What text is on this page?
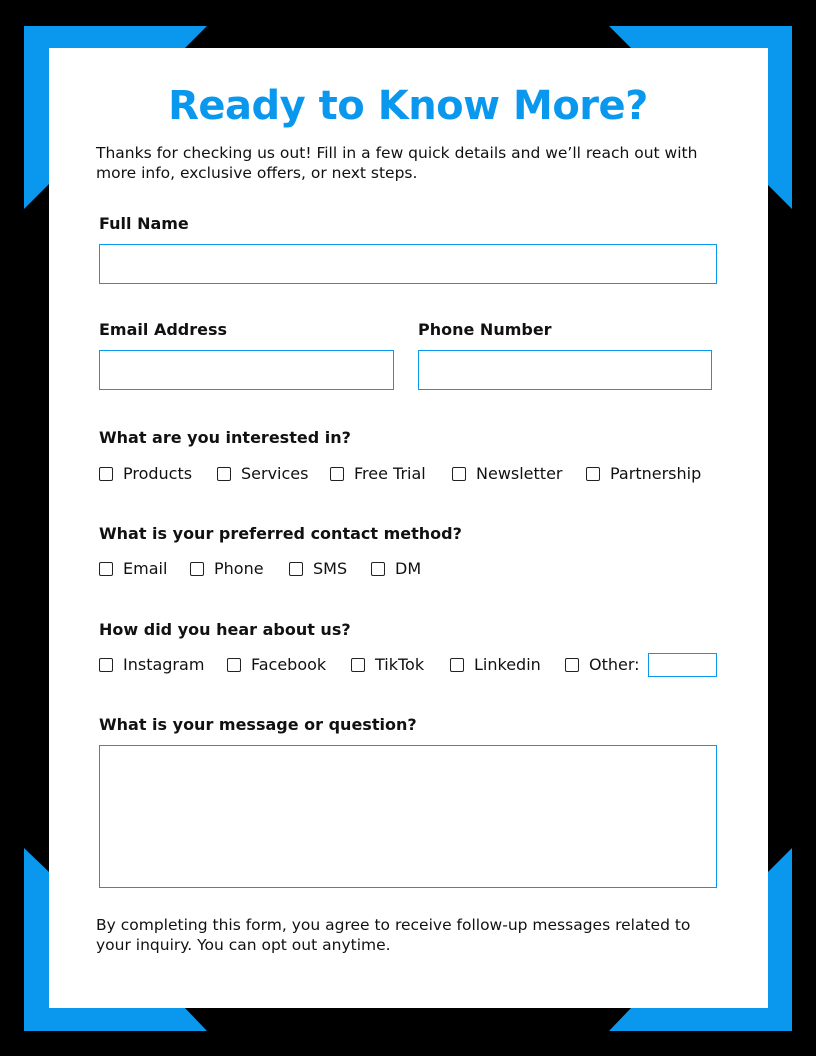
Ready to Know More?

Thanks for checking us out! Fill in a few quick details and we’ll reach out with more info, exclusive offers, or next steps.

Full Name

Email Address	Phone Number

What are you interested in?

Products	Services	Free Trial	Newsletter	Partnership

What is your preferred contact method?

Email	Phone	SMS	DM

How did you hear about us?

Instagram	Facebook	TikTok	Linkedin	Other:

What is your message or question?

By completing this form, you agree to receive follow-up messages related to your inquiry. You can opt out anytime.
